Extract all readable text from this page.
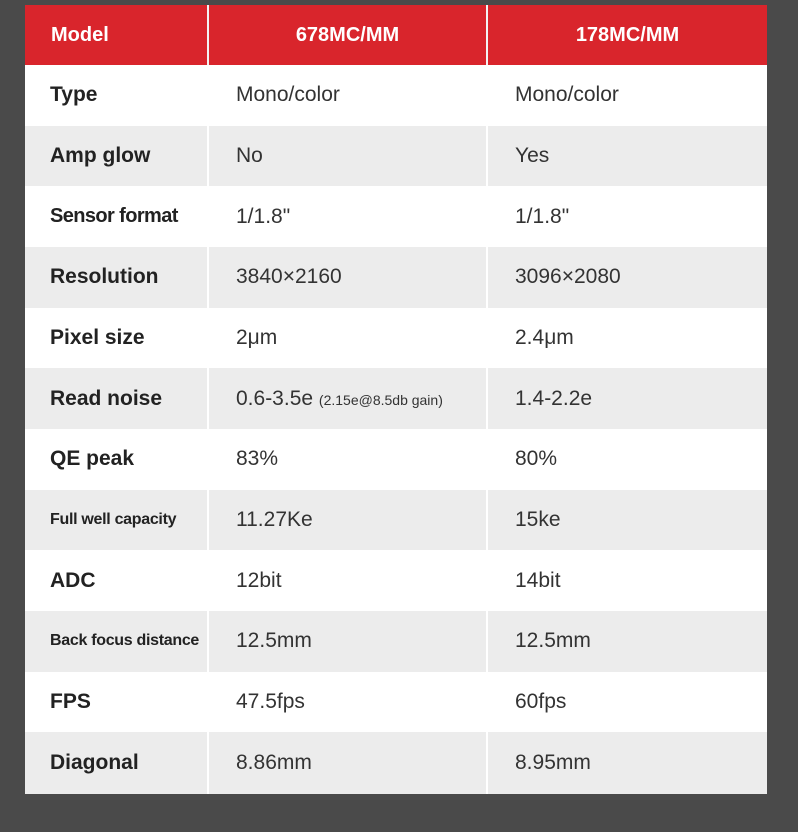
Model	678MC/MM	178MC/MM
Type	Mono/color	Mono/color
Amp glow	No	Yes
Sensor format	1/1.8"	1/1.8"
Resolution	3840×2160	3096×2080
Pixel size	2μm	2.4μm
Read noise	0.6-3.5e (2.15e@8.5db gain)	1.4-2.2e
QE peak	83%	80%
Full well capacity	11.27Ke	15ke
ADC	12bit	14bit
Back focus distance	12.5mm	12.5mm
FPS	47.5fps	60fps
Diagonal	8.86mm	8.95mm
